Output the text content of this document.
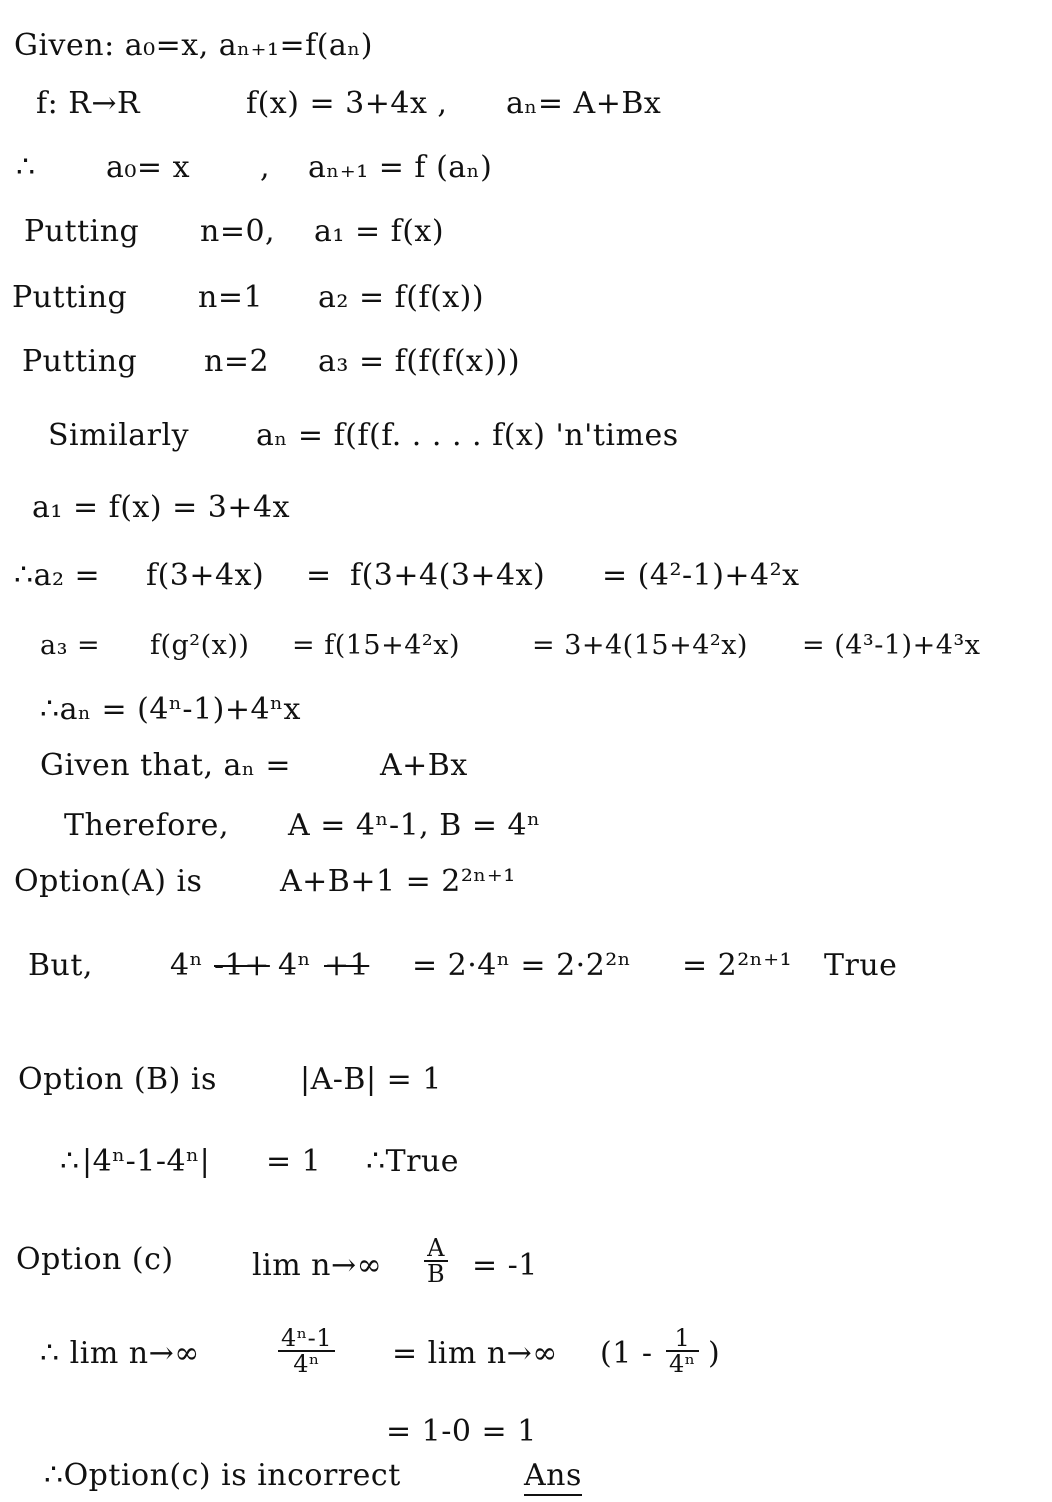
Given: a₀=x, aₙ₊₁=f(aₙ)
f: R→R	f(x) = 3+4x , aₙ= A+Bx
∴ a₀= x , aₙ₊₁ = f (aₙ)
Putting n=0, a₁ = f(x)
Putting n=1 a₂ = f(f(x))
Putting n=2 a₃ = f(f(f(x)))
Similarly aₙ = f(f(f. . . . . f(x) 'n'times
a₁ = f(x) = 3+4x
∴a₂ = f(3+4x) = f(3+4(3+4x) = (4²-1)+4²x
a₃ = f(g²(x)) = f(15+4²x)	= 3+4(15+4²x) = (4³-1)+4³x
∴aₙ = (4ⁿ-1)+4ⁿx
Given that, aₙ =	A+Bx
Therefore, A = 4ⁿ-1, B = 4ⁿ
Option(A) is	A+B+1 = 2²ⁿ⁺¹
But,	4ⁿ -1+ 4ⁿ +1 = 2·4ⁿ = 2·2²ⁿ = 2²ⁿ⁺¹ True
Option (B) is	|A-B| = 1
∴ |4ⁿ-1-4ⁿ| = 1 ∴True
Option (c)	$\lim n\to\infty \frac{A}{B} = -1$
∴ lim n→∞	$\frac{\text{4ⁿ-1}}{\text{4ⁿ}} = \lim n\to\infty$ ($1 - \frac{1}{\text{4ⁿ}}$ )
= 1-0 = 1
∴Option(c) is incorrect	Ans
